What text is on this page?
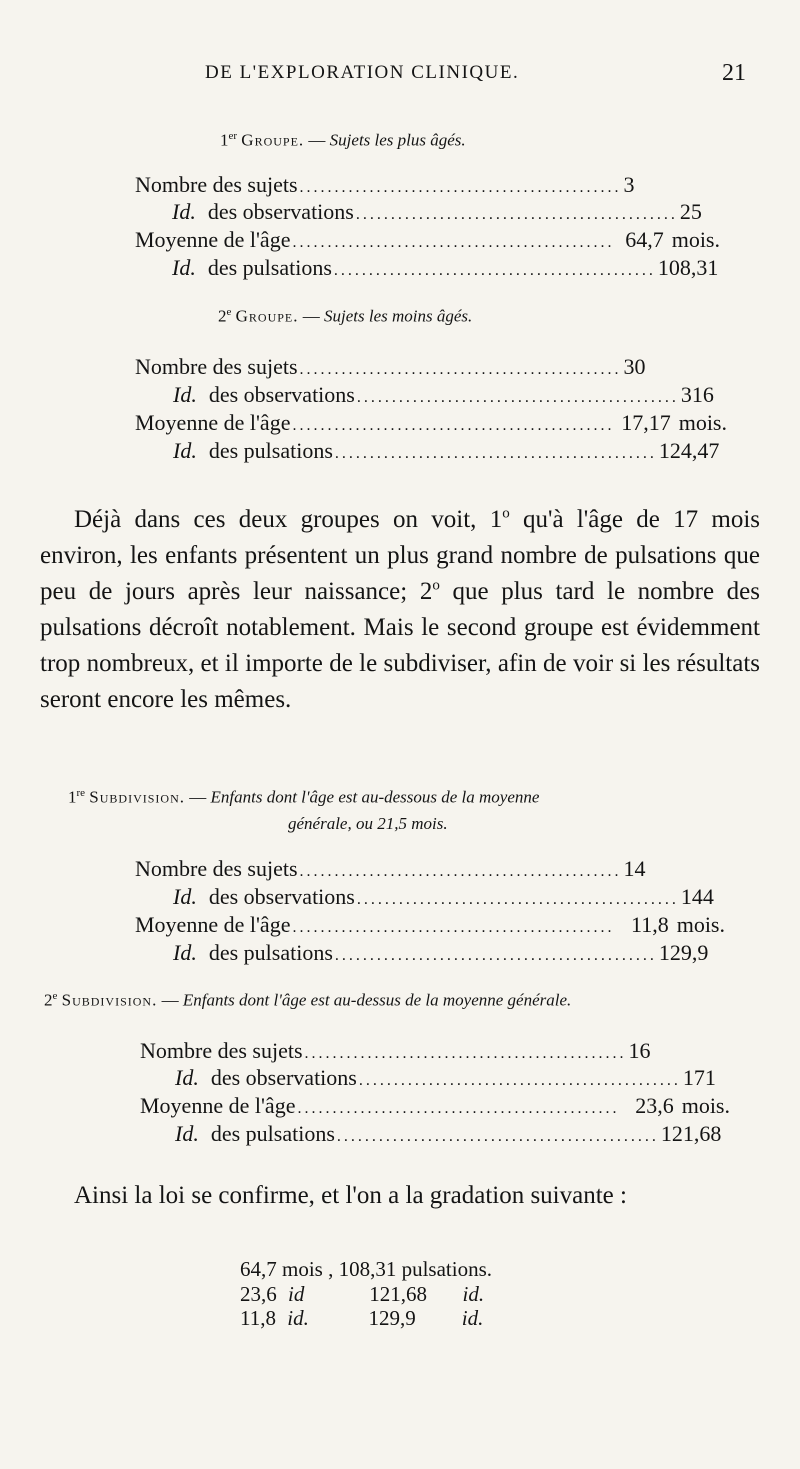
DE L'EXPLORATION CLINIQUE.	21
1er Groupe. — Sujets les plus âgés.
Nombre des sujets .............................................. 3
Id. des observations .............................................. 25
Moyenne de l'âge .............................................. 64,7 mois.
Id. des pulsations .............................................. 108,31
2e Groupe. — Sujets les moins âgés.
Nombre des sujets .............................................. 30
Id. des observations .............................................. 316
Moyenne de l'âge .............................................. 17,17 mois.
Id. des pulsations .............................................. 124,47
Déjà dans ces deux groupes on voit, 1$^o$ qu'à l'âge de 17 mois environ, les enfants présentent un plus grand nombre de pulsations que peu de jours après leur naissance; 2$^o$ que plus tard le nombre des pulsations décroît notablement. Mais le second groupe est évidemment trop nombreux, et il importe de le subdiviser, afin de voir si les résultats seront encore les mêmes.
1re Subdivision. — Enfants dont l'âge est au-dessous de la moyenne
générale, ou 21,5 mois.
Nombre des sujets .............................................. 14
Id. des observations .............................................. 144
Moyenne de l'âge .............................................. 11,8 mois.
Id. des pulsations .............................................. 129,9
2e Subdivision. — Enfants dont l'âge est au-dessus de la moyenne générale.
Nombre des sujets .............................................. 16
Id. des observations .............................................. 171
Moyenne de l'âge .............................................. 23,6 mois.
Id. des pulsations .............................................. 121,68
Ainsi la loi se confirme, et l'on a la gradation suivante :
64,7 mois , 108,31 pulsations.
23,6 id	121,68 id.
11,8 id.	129,9 id.
